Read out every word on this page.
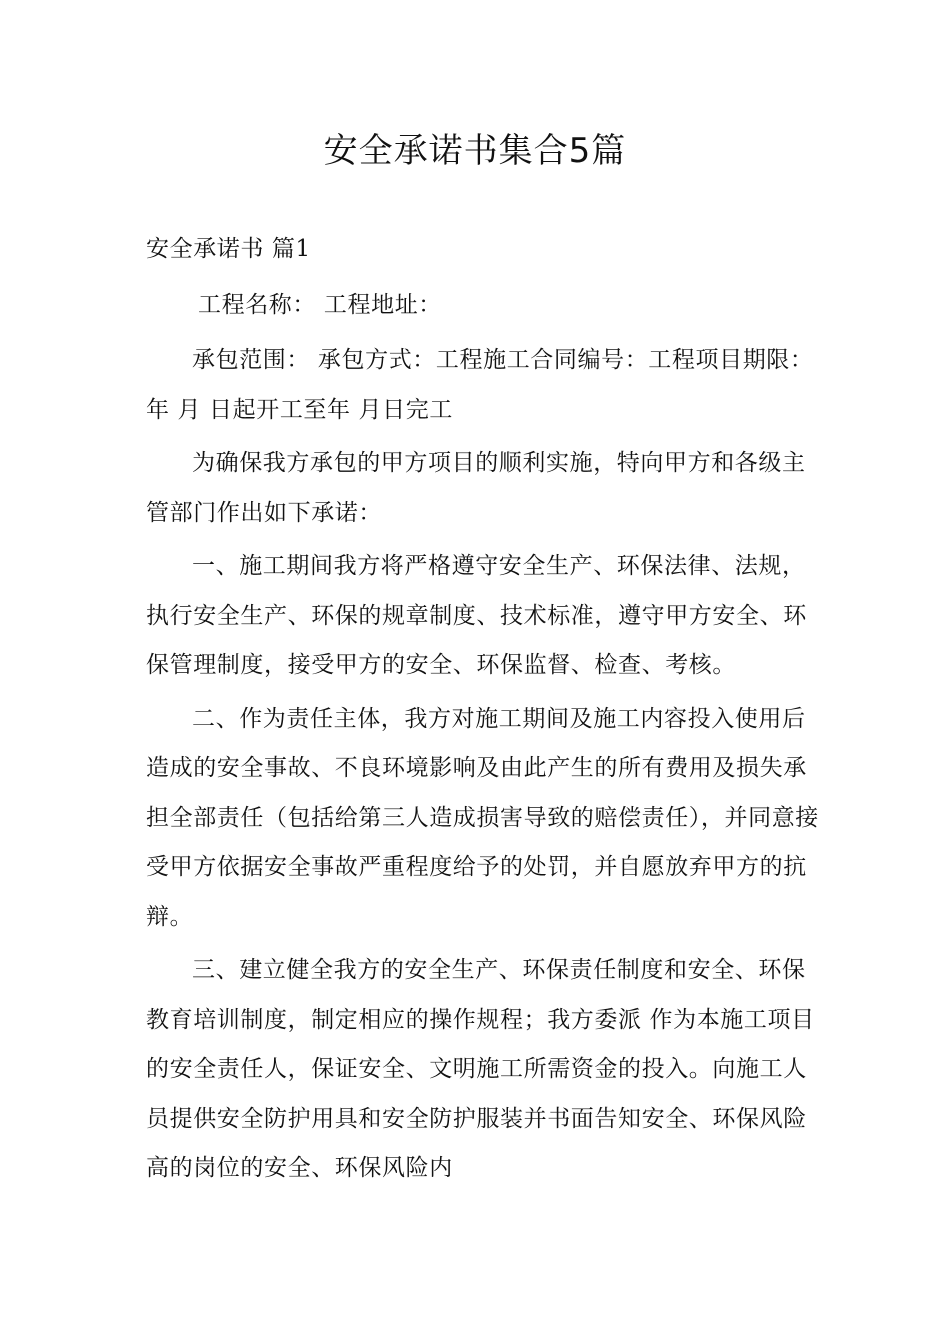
安全承诺书集合5篇

安全承诺书 篇1

工程名称： 工程地址：

承包范围： 承包方式：工程施工合同编号：工程项目期限： 年 月 日起开工至年 月日完工

为确保我方承包的甲方项目的顺利实施，特向甲方和各级主管部门作出如下承诺：

一、施工期间我方将严格遵守安全生产、环保法律、法规，执行安全生产、环保的规章制度、技术标准，遵守甲方安全、环保管理制度，接受甲方的安全、环保监督、检查、考核。

二、作为责任主体，我方对施工期间及施工内容投入使用后造成的安全事故、不良环境影响及由此产生的所有费用及损失承担全部责任（包括给第三人造成损害导致的赔偿责任），并同意接受甲方依据安全事故严重程度给予的处罚，并自愿放弃甲方的抗辩。

三、建立健全我方的安全生产、环保责任制度和安全、环保教育培训制度，制定相应的操作规程；我方委派 作为本施工项目的安全责任人，保证安全、文明施工所需资金的投入。向施工人员提供安全防护用具和安全防护服装并书面告知安全、环保风险高的岗位的安全、环保风险内
